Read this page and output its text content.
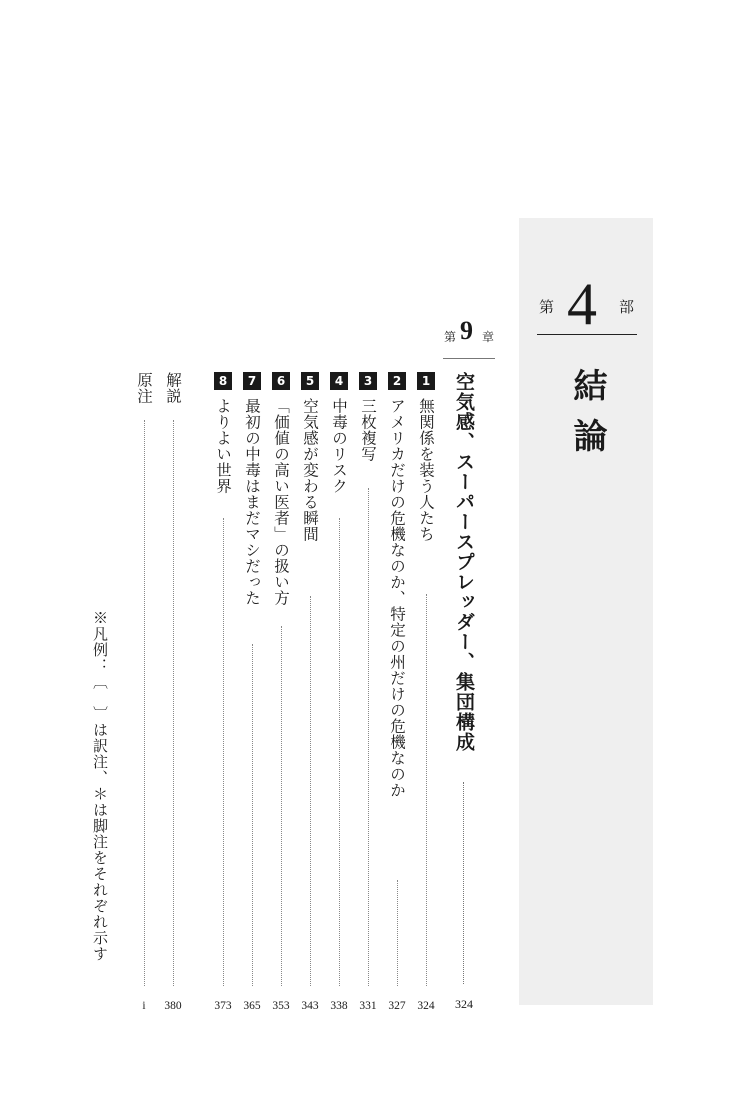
第 4 部
結論
第 9 章
空気感、スーパースプレッダー、集団構成
324
1
無関係を装う人たち
324
2
アメリカだけの危機なのか、特定の州だけの危機なのか
327
3
三枚複写
331
4
中毒のリスク
338
5
空気感が変わる瞬間
343
6
「価値の高い医者」の扱い方
353
7
最初の中毒はまだマシだった
365
8
よりよい世界
373
解説
380
原注
i
※凡例：〔　〕は訳注、＊は脚注をそれぞれ示す
